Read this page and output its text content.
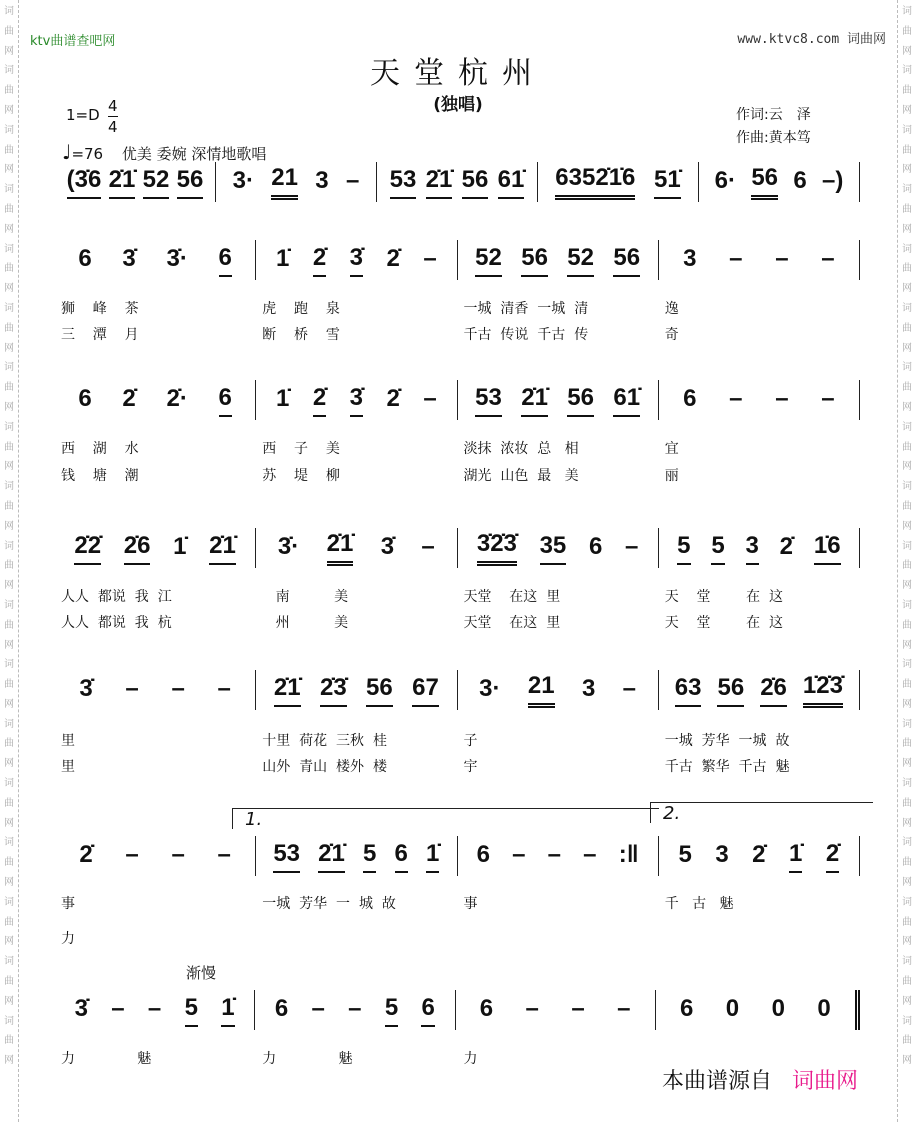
词曲网词曲网词曲网词曲网词曲网词曲网词曲网词曲网词曲网词曲网词曲网词曲网词曲网词曲网词曲网词曲网词曲网词曲网
词曲网词曲网词曲网词曲网词曲网词曲网词曲网词曲网词曲网词曲网词曲网词曲网词曲网词曲网词曲网词曲网词曲网词曲网
ktv曲谱查吧网	www.ktvc8.com 词曲网
天堂杭州
(独唱)
1=D 4
4
♩=76 优美 委婉 深情地歌唱
作词:云　泽
作曲:黄本笃
1.	2.
渐慢
本曲谱源自 词曲网
(3̇6 2̇1̇ 52 56 3· 21 3 – 53 2̇1̇ 56 61̇ 6352̇1̇6 51̇ 6· 56 6 –)
6 3̇ 3̇· 6 1̇ 2̇ 3̇ 2̇ – 52 56 52 56 3 – – –
狮    峰    茶	虎    跑    泉	一城  清香  一城  清	逸
三    潭    月	断    桥    雪	千古  传说  千古  传	奇
6 2̇ 2̇· 6 1̇ 2̇ 3̇ 2̇ – 53 2̇1̇ 56 61̇ 6 – – –
西    湖    水	西    子    美	淡抹  浓妆  总   相	宜
钱    塘    潮	苏    堤    柳	湖光  山色  最   美	丽
2̇2̇ 2̇6 1̇ 2̇1̇ 3̇· 2̇1̇ 3̇ – 3̇2̇3̇ 35 6 – 5 5 3 2̇ 1̇6
人人  都说  我  江	南          美	天堂    在这  里	天    堂        在  这
人人  都说  我  杭	州          美	天堂    在这  里	天    堂        在  这
3̇ – – – 2̇1̇ 2̇3̇ 56 67 3· 21 3 – 63 56 2̇6 1̇2̇3̇
里	十里  荷花  三秋  桂	子	一城  芳华  一城  故
里	山外  青山  楼外  楼	宇	千古  繁华  千古  魅
2̇ – – – 53 2̇1̇ 5 6 1̇ 6 – – – :‖ 5 3 2̇ 1̇ 2̇
事	一城  芳华  一  城  故	事	千   古   魅
力
3̇ – – 5 1̇ 6 – – 5 6 6 – – – 6 0 0 0
力              魅	力              魅	力
